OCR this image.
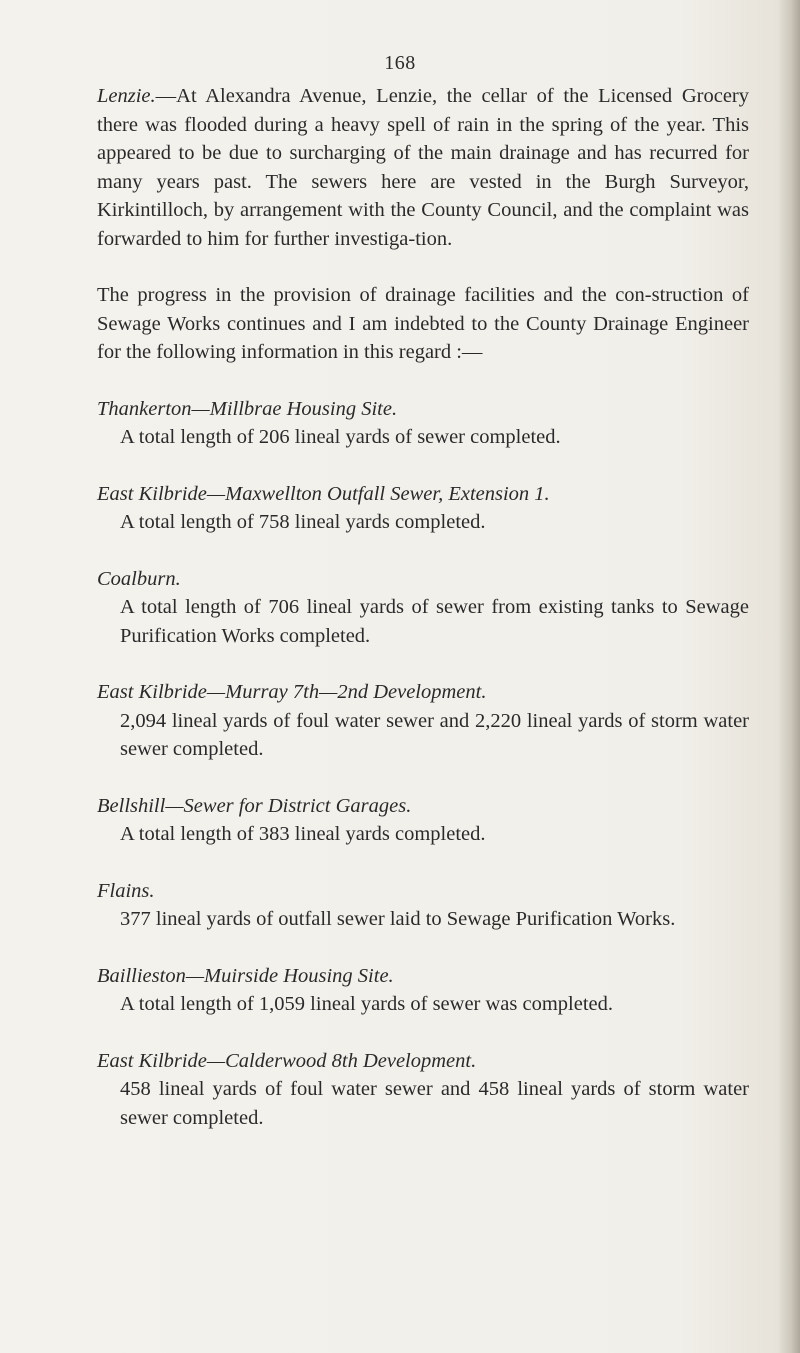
168

Lenzie.—At Alexandra Avenue, Lenzie, the cellar of the Licensed Grocery there was flooded during a heavy spell of rain in the spring of the year. This appeared to be due to surcharging of the main drainage and has recurred for many years past. The sewers here are vested in the Burgh Surveyor, Kirkintilloch, by arrangement with the County Council, and the complaint was forwarded to him for further investiga-tion.

The progress in the provision of drainage facilities and the con-struction of Sewage Works continues and I am indebted to the County Drainage Engineer for the following information in this regard :—

Thankerton—Millbrae Housing Site.
A total length of 206 lineal yards of sewer completed.
East Kilbride—Maxwellton Outfall Sewer, Extension 1.
A total length of 758 lineal yards completed.
Coalburn.
A total length of 706 lineal yards of sewer from existing tanks to Sewage Purification Works completed.
East Kilbride—Murray 7th—2nd Development.
2,094 lineal yards of foul water sewer and 2,220 lineal yards of storm water sewer completed.
Bellshill—Sewer for District Garages.
A total length of 383 lineal yards completed.
Flains.
377 lineal yards of outfall sewer laid to Sewage Purification Works.
Baillieston—Muirside Housing Site.
A total length of 1,059 lineal yards of sewer was completed.
East Kilbride—Calderwood 8th Development.
458 lineal yards of foul water sewer and 458 lineal yards of storm water sewer completed.
